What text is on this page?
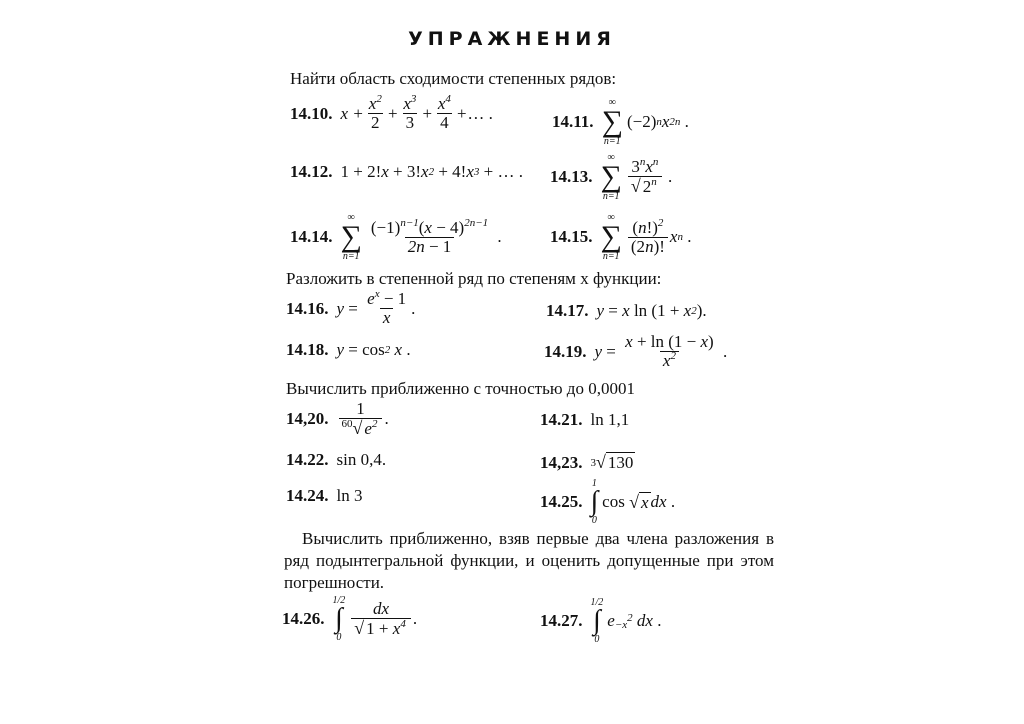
УПРАЖНЕНИЯ
Найти область сходимости степенных рядов:
14.10. $x + \frac{x^2}{2} + \frac{x^3}{3} + \frac{x^4}{4}$ + … .	14.11.
∞
∑
n=1
(−2) n x 2n
.
14.12. 1 + 2! x + 3! x 2 + 4! x 3 + … . 14.13.
∞
∑
n=1
$\frac{3^nx^n}{√ 2^n}$
.
14.14.
∞
∑
n=1
$\frac{(-1)^{n-1}(x - 4)^{2n-1}}{2n - 1}$
.	14.15.
∞
∑
n=1
$\frac{(n!)^2}{(2n)!}$ x n
.
Разложить в степенной ряд по степеням x функции:
14.16. $y = \frac{e^x - 1}{x}$ .	14.17. y = x ln (1 + x 2 ).
14.18. y = cos 2 x .	14.19. $y = \frac{x + \ln (1 - x)}{x^2}$
.
Вычислить приближенно с точностью до 0,0001
14,20. $\frac{1}{^{60}√ e^2}$ .	14.21. ln 1,1
14.22. sin 0,4.	14,23. 3 √ 130
14.24. ln 3	14.25.
1
∫
0
cos √ x dx .
Вычислить приближенно, взяв первые два члена разложения в ряд подынтегральной функции, и оценить допущенные при этом погрешности.
14.26.
1/2
∫
$0 \frac{dx}{√ 1 + x^4}$ .	14.27.
1/2
∫
0
$e -x^2$ dx .
